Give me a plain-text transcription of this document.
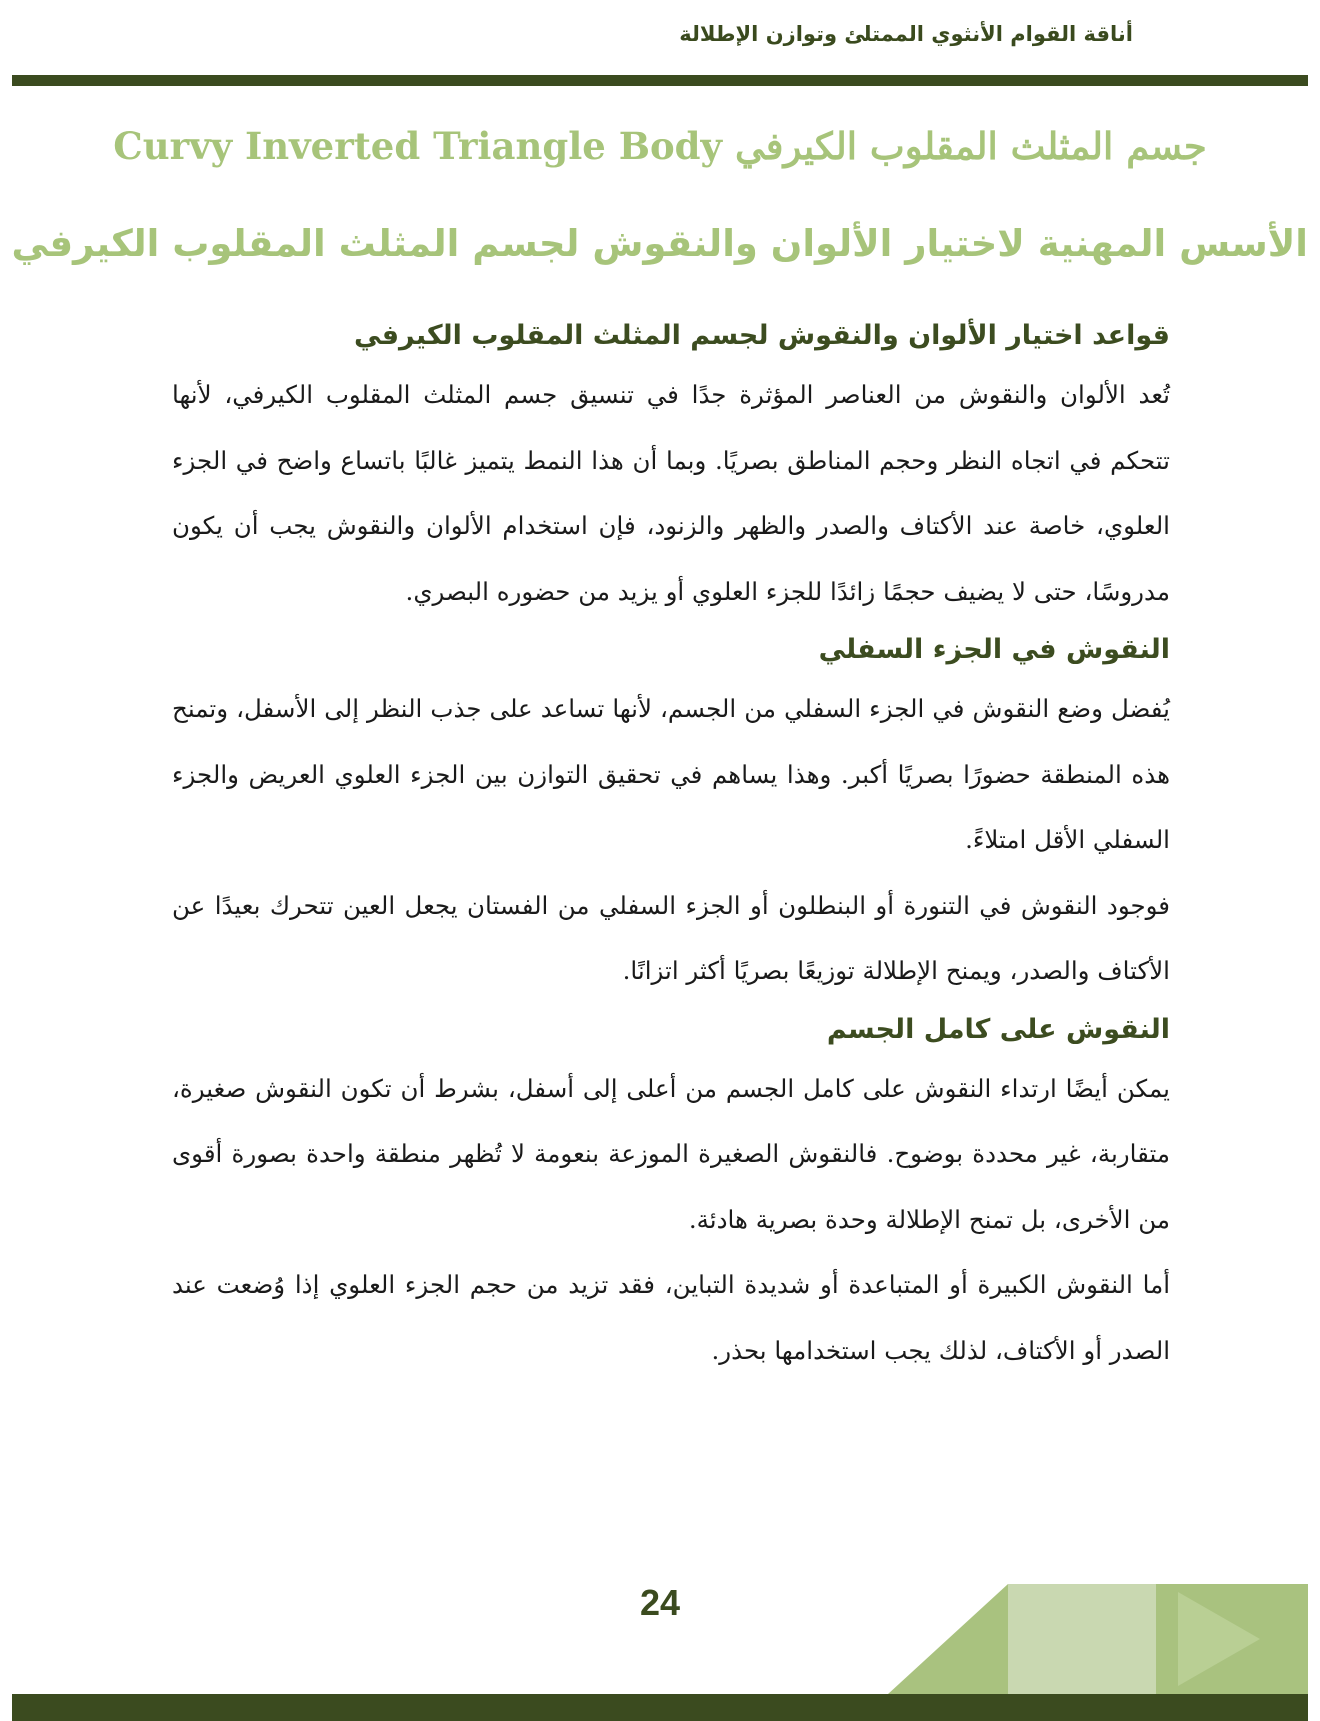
أناقة القوام الأنثوي الممتلئ وتوازن الإطلالة
جسم المثلث المقلوب الكيرفي Curvy Inverted Triangle Body
الأسس المهنية لاختيار الألوان والنقوش لجسم المثلث المقلوب الكيرفي
قواعد اختيار الألوان والنقوش لجسم المثلث المقلوب الكيرفي

تُعد الألوان والنقوش من العناصر المؤثرة جدًا في تنسيق جسم المثلث المقلوب الكيرفي، لأنها تتحكم في اتجاه النظر وحجم المناطق بصريًا. وبما أن هذا النمط يتميز غالبًا باتساع واضح في الجزء العلوي، خاصة عند الأكتاف والصدر والظهر والزنود، فإن استخدام الألوان والنقوش يجب أن يكون مدروسًا، حتى لا يضيف حجمًا زائدًا للجزء العلوي أو يزيد من حضوره البصري.

النقوش في الجزء السفلي

يُفضل وضع النقوش في الجزء السفلي من الجسم، لأنها تساعد على جذب النظر إلى الأسفل، وتمنح هذه المنطقة حضورًا بصريًا أكبر. وهذا يساهم في تحقيق التوازن بين الجزء العلوي العريض والجزء السفلي الأقل امتلاءً.

فوجود النقوش في التنورة أو البنطلون أو الجزء السفلي من الفستان يجعل العين تتحرك بعيدًا عن الأكتاف والصدر، ويمنح الإطلالة توزيعًا بصريًا أكثر اتزانًا.

النقوش على كامل الجسم

يمكن أيضًا ارتداء النقوش على كامل الجسم من أعلى إلى أسفل، بشرط أن تكون النقوش صغيرة، متقاربة، غير محددة بوضوح. فالنقوش الصغيرة الموزعة بنعومة لا تُظهر منطقة واحدة بصورة أقوى من الأخرى، بل تمنح الإطلالة وحدة بصرية هادئة.

أما النقوش الكبيرة أو المتباعدة أو شديدة التباين، فقد تزيد من حجم الجزء العلوي إذا وُضعت عند الصدر أو الأكتاف، لذلك يجب استخدامها بحذر.

24
